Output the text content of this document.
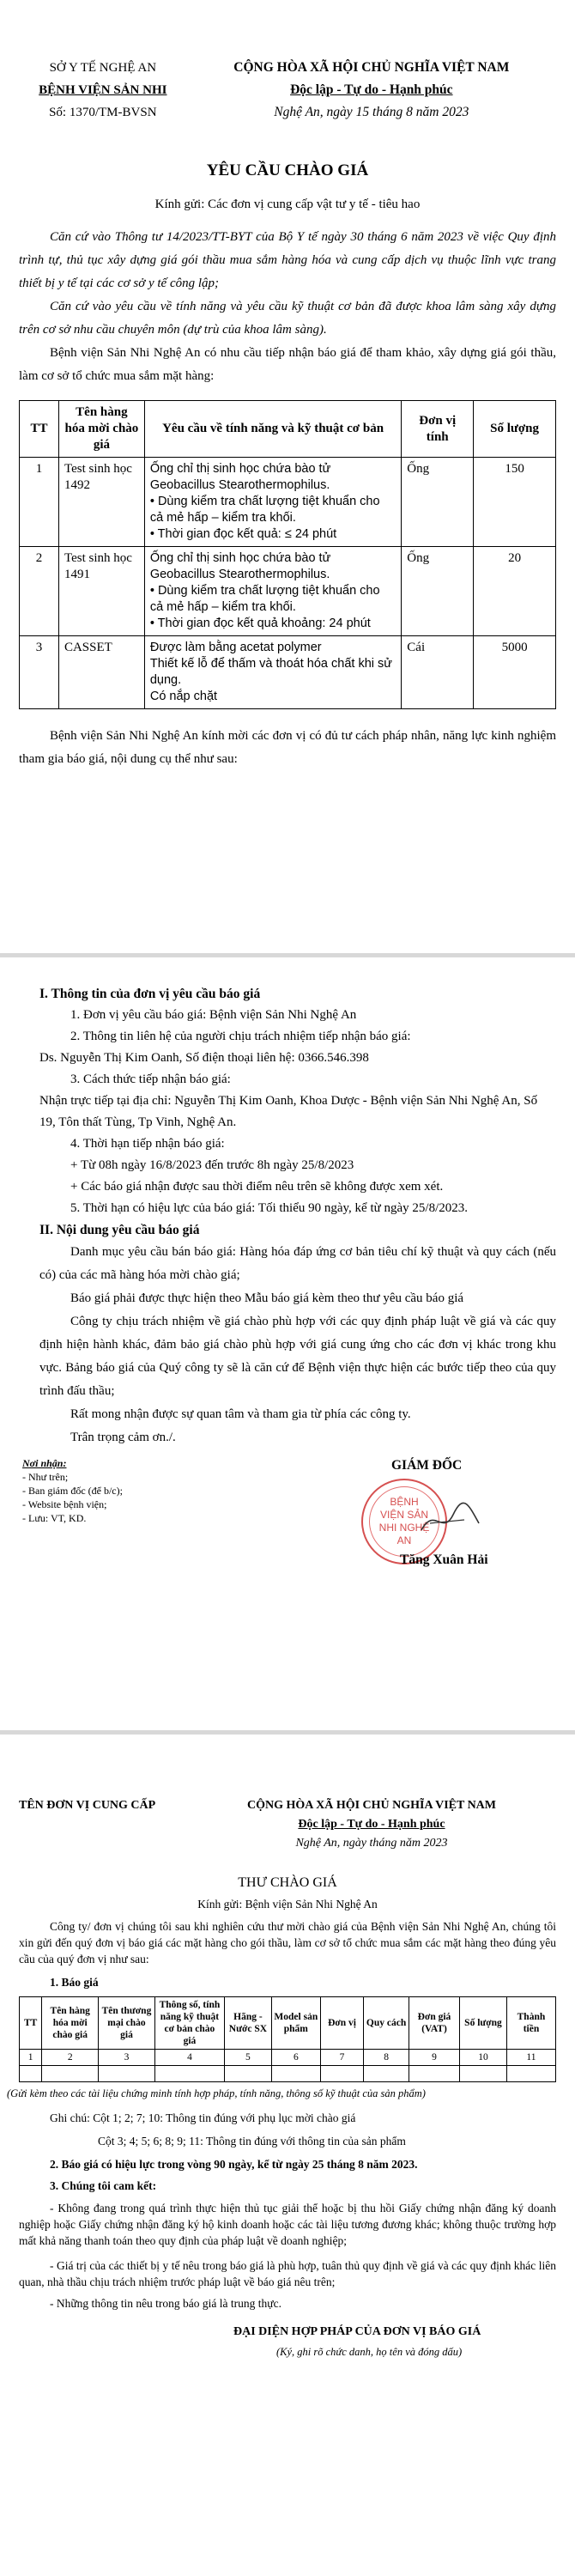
SỞ Y TẾ NGHỆ AN
BỆNH VIỆN SẢN NHI
Số: 1370/TM-BVSN
CỘNG HÒA XÃ HỘI CHỦ NGHĨA VIỆT NAM
Độc lập - Tự do - Hạnh phúc
Nghệ An, ngày 15 tháng 8 năm 2023
YÊU CẦU CHÀO GIÁ
Kính gửi: Các đơn vị cung cấp vật tư y tế - tiêu hao

Căn cứ vào Thông tư 14/2023/TT-BYT của Bộ Y tế ngày 30 tháng 6 năm 2023 về việc Quy định trình tự, thủ tục xây dựng giá gói thầu mua sắm hàng hóa và cung cấp dịch vụ thuộc lĩnh vực trang thiết bị y tế tại các cơ sở y tế công lập;

Căn cứ vào yêu cầu về tính năng và yêu cầu kỹ thuật cơ bản đã được khoa lâm sàng xây dựng trên cơ sở nhu cầu chuyên môn (dự trù của khoa lâm sàng).

Bệnh viện Sản Nhi Nghệ An có nhu cầu tiếp nhận báo giá để tham khảo, xây dựng giá gói thầu, làm cơ sở tổ chức mua sắm mặt hàng:

TT	Tên hàng hóa mời chào giá	Yêu cầu về tính năng và kỹ thuật cơ bản	Đơn vị tính	Số lượng
1	Test sinh học 1492	Ống chỉ thị sinh học chứa bào tử Geobacillus Stearothermophilus.
• Dùng kiểm tra chất lượng tiệt khuẩn cho cả mẻ hấp – kiểm tra khối.
• Thời gian đọc kết quả: ≤ 24 phút	Ống	150
2	Test sinh học 1491	Ống chỉ thị sinh học chứa bào tử Geobacillus Stearothermophilus.
• Dùng kiểm tra chất lượng tiệt khuẩn cho cả mẻ hấp – kiểm tra khối.
• Thời gian đọc kết quả khoảng: 24 phút	Ống	20
3	CASSET	Được làm bằng acetat polymer
Thiết kế lỗ để thấm và thoát hóa chất khi sử dụng.
Có nắp chặt	Cái	5000

Bệnh viện Sản Nhi Nghệ An kính mời các đơn vị có đủ tư cách pháp nhân, năng lực kinh nghiệm tham gia báo giá, nội dung cụ thể như sau:

I. Thông tin của đơn vị yêu cầu báo giá
1. Đơn vị yêu cầu báo giá: Bệnh viện Sản Nhi Nghệ An
2. Thông tin liên hệ của người chịu trách nhiệm tiếp nhận báo giá:
Ds. Nguyễn Thị Kim Oanh, Số điện thoại liên hệ: 0366.546.398
3. Cách thức tiếp nhận báo giá:
Nhận trực tiếp tại địa chỉ: Nguyễn Thị Kim Oanh, Khoa Dược - Bệnh viện Sản Nhi Nghệ An, Số 19, Tôn thất Tùng, Tp Vinh, Nghệ An.
4. Thời hạn tiếp nhận báo giá:
+ Từ 08h ngày 16/8/2023 đến trước 8h ngày 25/8/2023
+ Các báo giá nhận được sau thời điểm nêu trên sẽ không được xem xét.
5. Thời hạn có hiệu lực của báo giá: Tối thiểu 90 ngày, kể từ ngày 25/8/2023.
II. Nội dung yêu cầu báo giá

Danh mục yêu cầu bán báo giá: Hàng hóa đáp ứng cơ bản tiêu chí kỹ thuật và quy cách (nếu có) của các mã hàng hóa mời chào giá;

Báo giá phải được thực hiện theo Mẫu báo giá kèm theo thư yêu cầu báo giá

Công ty chịu trách nhiệm về giá chào phù hợp với các quy định pháp luật về giá và các quy định hiện hành khác, đảm bảo giá chào phù hợp với giá cung ứng cho các đơn vị khác trong khu vực. Bảng báo giá của Quý công ty sẽ là căn cứ để Bệnh viện thực hiện các bước tiếp theo của quy trình đấu thầu;

Rất mong nhận được sự quan tâm và tham gia từ phía các công ty.

Trân trọng cảm ơn./.

Nơi nhận:
- Như trên;
- Ban giám đốc (để b/c);
- Website bệnh viện;
- Lưu: VT, KD.
GIÁM ĐỐC
BỆNH VIỆN SẢN NHI NGHỆ AN
Tăng Xuân Hải
TÊN ĐƠN VỊ CUNG CẤP	CỘNG HÒA XÃ HỘI CHỦ NGHĨA VIỆT NAM
Độc lập - Tự do - Hạnh phúc
Nghệ An, ngày tháng năm 2023
THƯ CHÀO GIÁ
Kính gửi: Bệnh viện Sản Nhi Nghệ An

Công ty/ đơn vị chúng tôi sau khi nghiên cứu thư mời chào giá của Bệnh viện Sản Nhi Nghệ An, chúng tôi xin gửi đến quý đơn vị báo giá các mặt hàng cho gói thầu, làm cơ sở tổ chức mua sắm các mặt hàng theo đúng yêu cầu của quý đơn vị như sau:

1. Báo giá
TT	Tên hàng hóa mời chào giá	Tên thương mại chào giá	Thông số, tính năng kỹ thuật cơ bản chào giá	Hãng - Nước SX	Model sản phẩm	Đơn vị	Quy cách	Đơn giá (VAT)	Số lượng	Thành tiền
1	2	3	4	5	6	7	8	9	10	11

(Gửi kèm theo các tài liệu chứng minh tính hợp pháp, tính năng, thông số kỹ thuật của sản phẩm)
Ghi chú: Cột 1; 2; 7; 10: Thông tin đúng với phụ lục mời chào giá
Cột 3; 4; 5; 6; 8; 9; 11: Thông tin đúng với thông tin của sản phẩm
2. Báo giá có hiệu lực trong vòng 90 ngày, kể từ ngày 25 tháng 8 năm 2023.
3. Chúng tôi cam kết:

- Không đang trong quá trình thực hiện thủ tục giải thể hoặc bị thu hồi Giấy chứng nhận đăng ký doanh nghiệp hoặc Giấy chứng nhận đăng ký hộ kinh doanh hoặc các tài liệu tương đương khác; không thuộc trường hợp mất khả năng thanh toán theo quy định của pháp luật về doanh nghiệp;

- Giá trị của các thiết bị y tế nêu trong báo giá là phù hợp, tuân thủ quy định về giá và các quy định khác liên quan, nhà thầu chịu trách nhiệm trước pháp luật về báo giá nêu trên;

- Những thông tin nêu trong báo giá là trung thực.

ĐẠI DIỆN HỢP PHÁP CỦA ĐƠN VỊ BÁO GIÁ
(Ký, ghi rõ chức danh, họ tên và đóng dấu)
